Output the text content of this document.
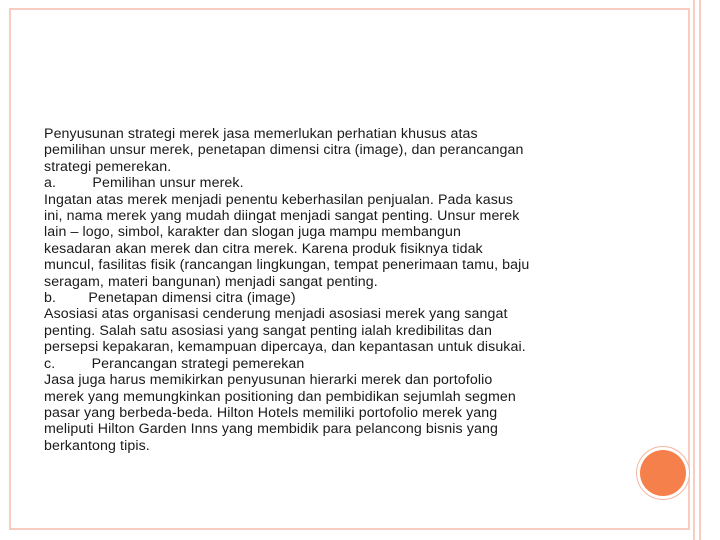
Penyusunan strategi merek jasa memerlukan perhatian khusus atas
pemilihan unsur merek, penetapan dimensi citra (image), dan perancangan
strategi pemerekan.
a.         Pemilihan unsur merek.
Ingatan atas merek menjadi penentu keberhasilan penjualan. Pada kasus
ini, nama merek yang mudah diingat menjadi sangat penting. Unsur merek
lain – logo, simbol, karakter dan slogan juga mampu membangun
kesadaran akan merek dan citra merek. Karena produk fisiknya tidak
muncul, fasilitas fisik (rancangan lingkungan, tempat penerimaan tamu, baju
seragam, materi bangunan) menjadi sangat penting.
b.        Penetapan dimensi citra (image)
Asosiasi atas organisasi cenderung menjadi asosiasi merek yang sangat
penting. Salah satu asosiasi yang sangat penting ialah kredibilitas dan
persepsi kepakaran, kemampuan dipercaya, dan kepantasan untuk disukai.
c.         Perancangan strategi pemerekan
Jasa juga harus memikirkan penyusunan hierarki merek dan portofolio
merek yang memungkinkan positioning dan pembidikan sejumlah segmen
pasar yang berbeda-beda. Hilton Hotels memiliki portofolio merek yang
meliputi Hilton Garden Inns yang membidik para pelancong bisnis yang
berkantong tipis.
